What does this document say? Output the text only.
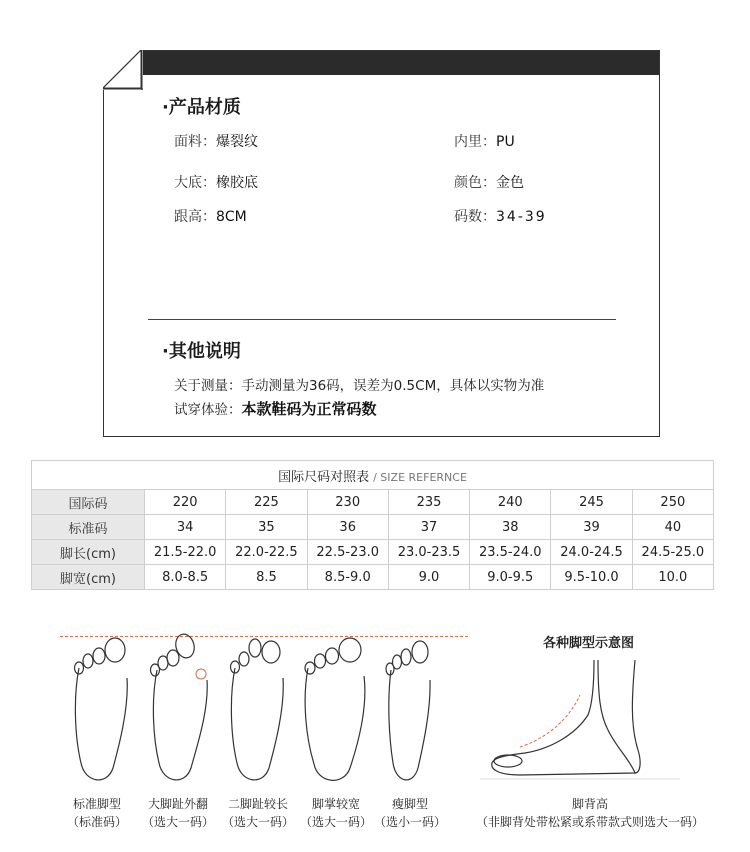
·产品材质
面料：爆裂纹	内里：PU
大底：橡胶底	颜色：金色
跟高：8CM	码数：34-39
·其他说明
关于测量：手动测量为36码，误差为0.5CM，具体以实物为准
试穿体验：本款鞋码为正常码数
国际尺码对照表 / SIZE REFERNCE							
国际码	220	225	230	235	240	245	250
标准码	34	35	36	37	38	39	40
脚长(cm)	21.5-22.0	22.0-22.5	22.5-23.0	23.0-23.5	23.5-24.0	24.0-24.5	24.5-25.0
脚宽(cm)	8.0-8.5	8.5	8.5-9.0	9.0	9.0-9.5	9.5-10.0	10.0
标准脚型
（标准码）
大脚趾外翻
（选大一码）
二脚趾较长
（选大一码）
脚掌较宽
（选大一码）
瘦脚型
（选小一码）
各种脚型示意图
脚背高
（非脚背处带松紧或系带款式则选大一码）
